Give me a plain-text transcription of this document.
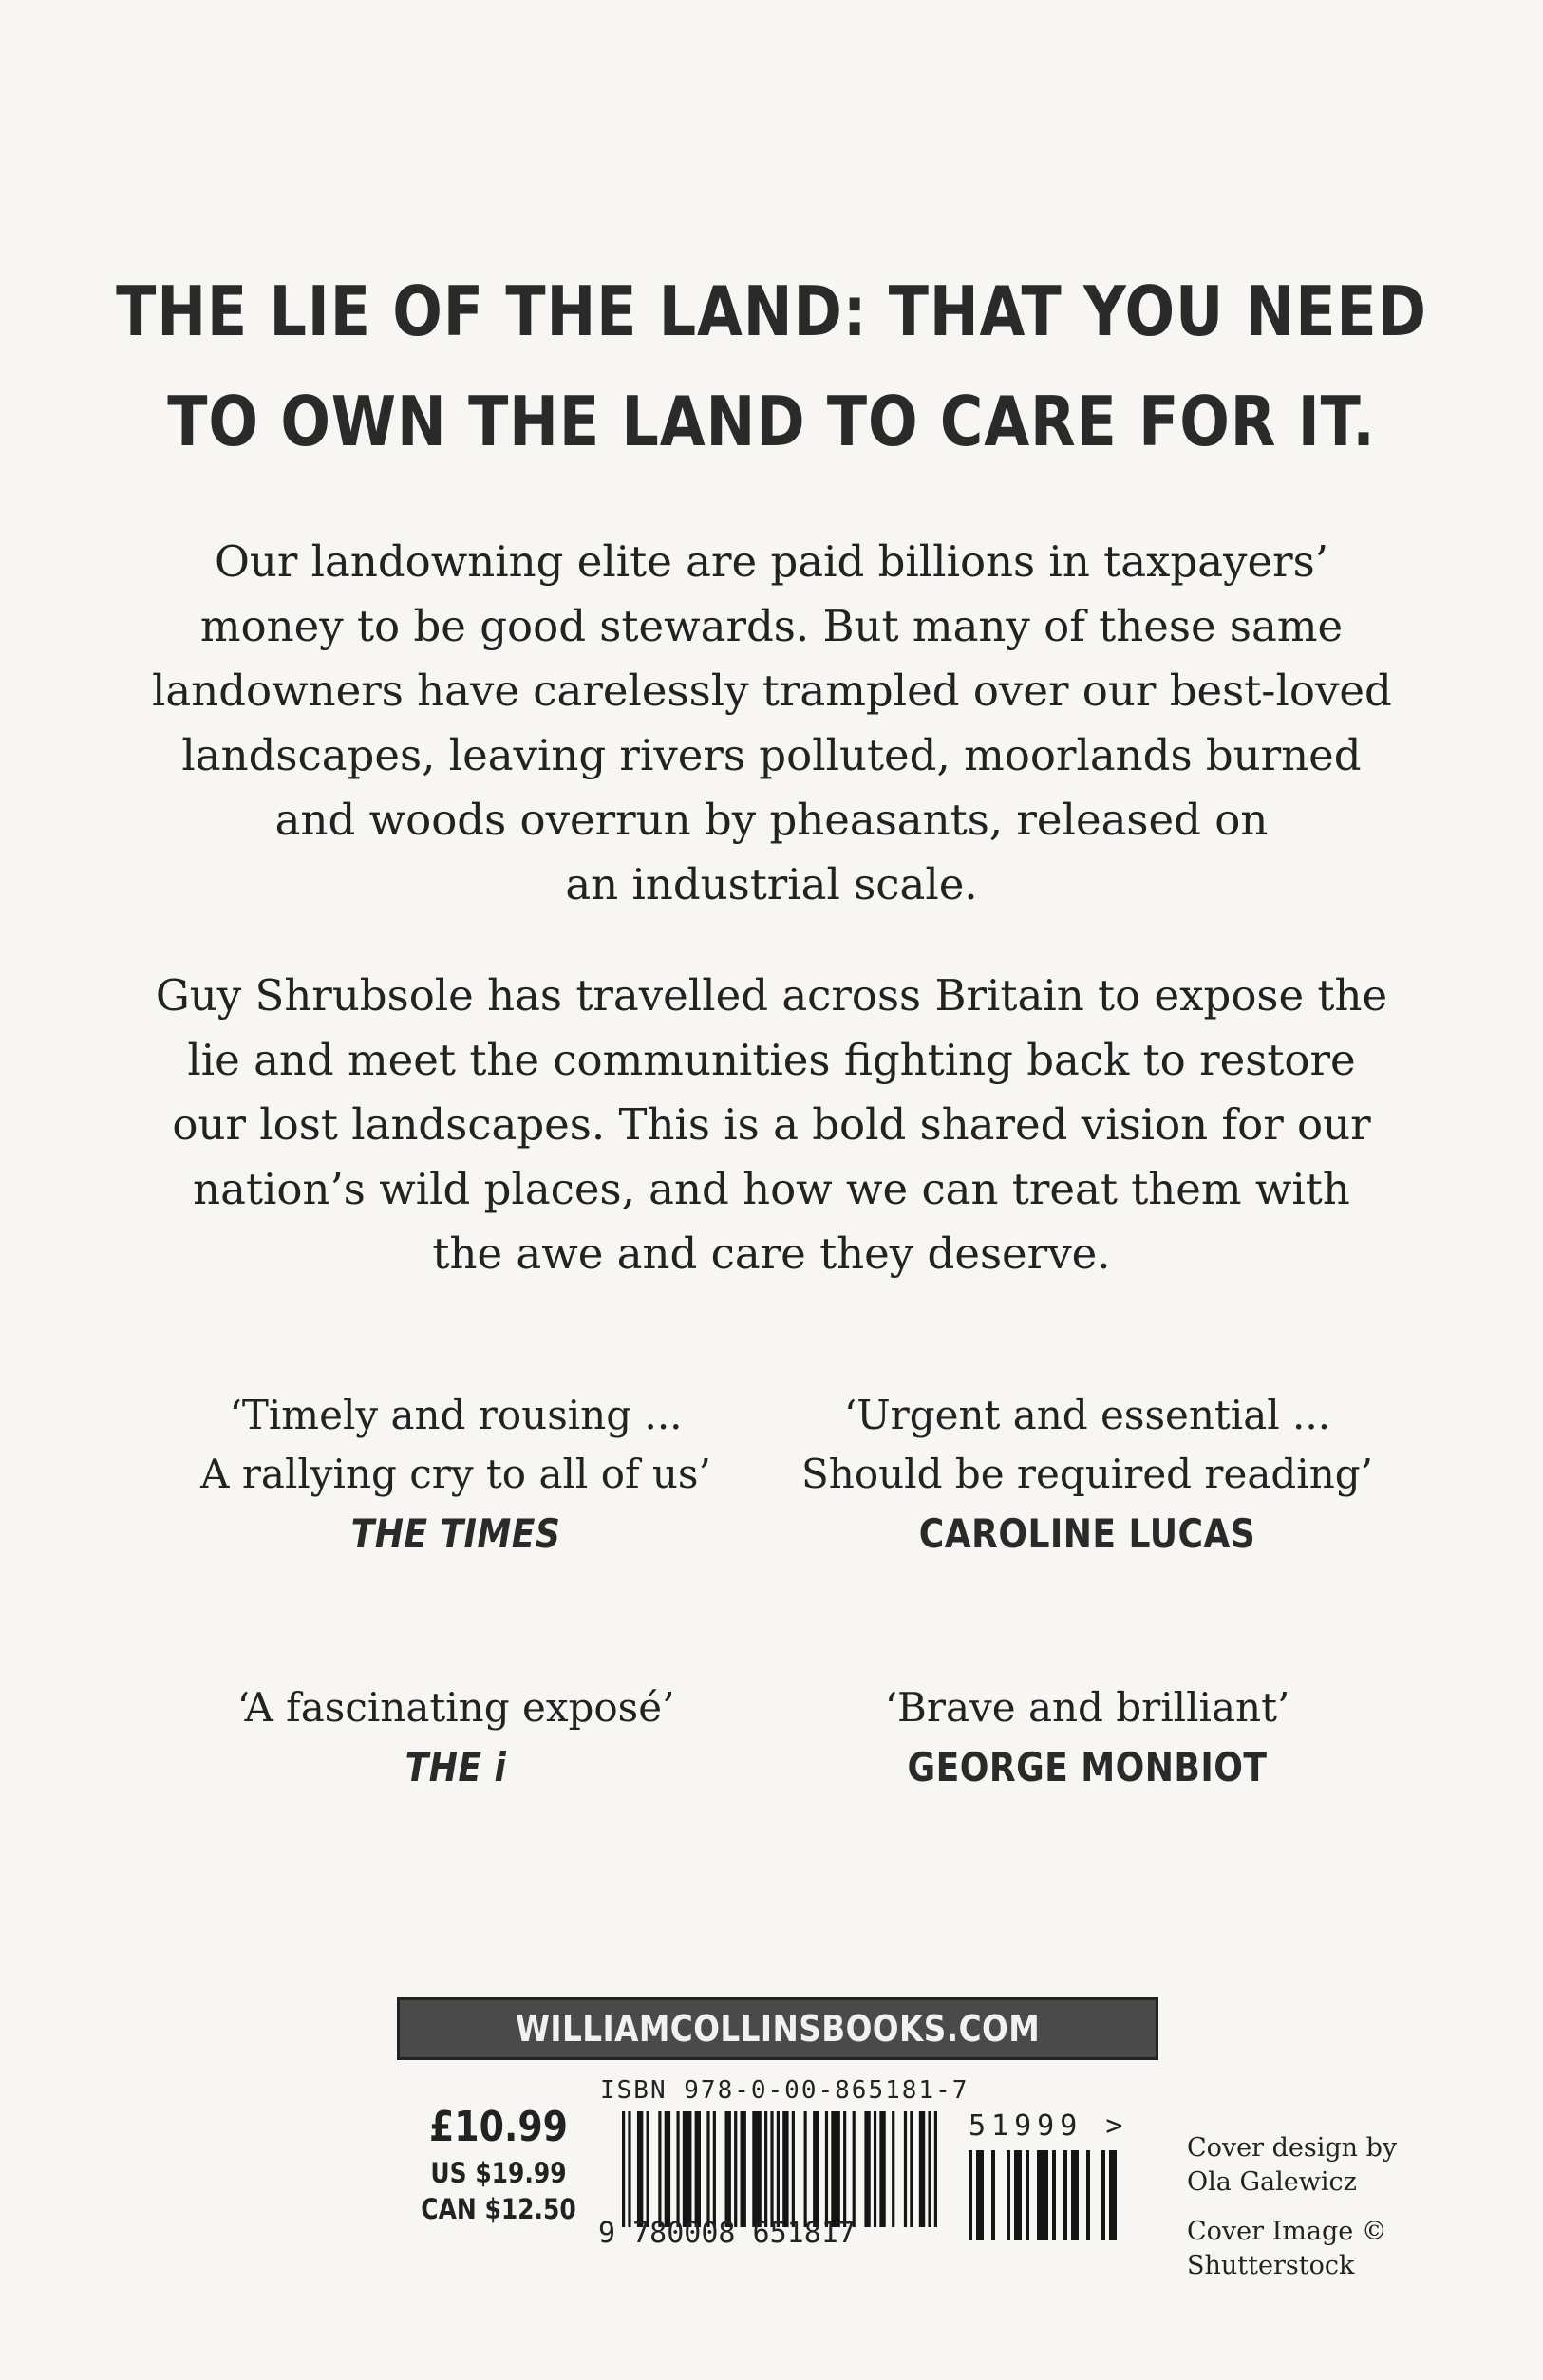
THE LIE OF THE LAND: THAT YOU NEED
TO OWN THE LAND TO CARE FOR IT.
Our landowning elite are paid billions in taxpayers’
money to be good stewards. But many of these same
landowners have carelessly trampled over our best-loved
landscapes, leaving rivers polluted, moorlands burned
and woods overrun by pheasants, released on
an industrial scale.
Guy Shrubsole has travelled across Britain to expose the
lie and meet the communities fighting back to restore
our lost landscapes. This is a bold shared vision for our
nation’s wild places, and how we can treat them with
the awe and care they deserve.
‘Timely and rousing ...
A rallying cry to all of us’
THE TIMES
‘Urgent and essential ...
Should be required reading’
CAROLINE LUCAS
‘A fascinating exposé’
THE i
‘Brave and brilliant’
GEORGE MONBIOT
WILLIAMCOLLINSBOOKS.COM
ISBN 978-0-00-865181-7
£10.99
US $19.99
CAN $12.50
9 780008 651817
51999 >
Cover design by
Ola Galewicz
Cover Image ©
Shutterstock
